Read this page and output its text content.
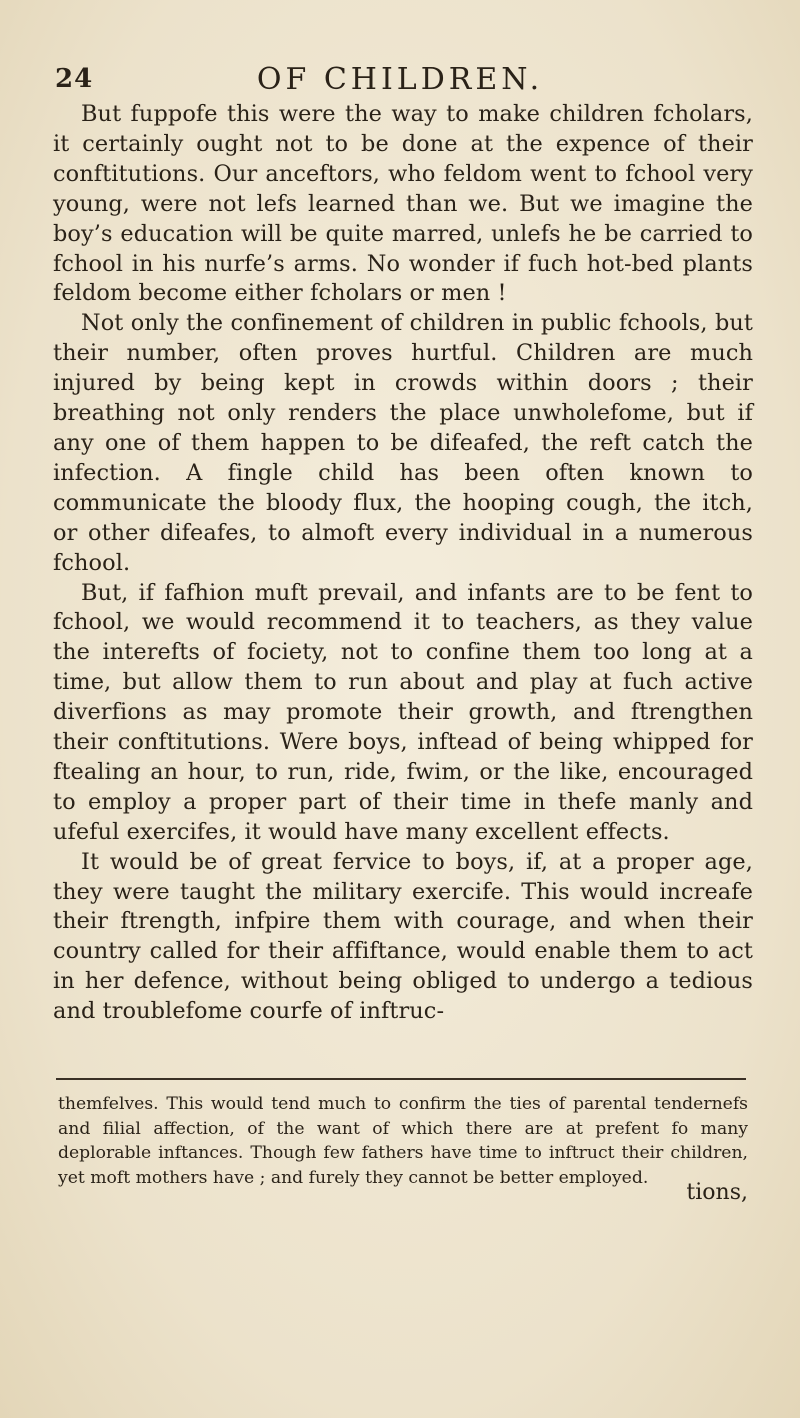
24	OF CHILDREN.

But fuppofe this were the way to make children fcholars, it certainly ought not to be done at the expence of their conftitutions. Our anceftors, who feldom went to fchool very young, were not lefs learned than we. But we imagine the boy’s education will be quite marred, unlefs he be carried to fchool in his nurfe’s arms. No wonder if fuch hot-bed plants feldom become either fcholars or men !

Not only the confinement of children in public fchools, but their number, often proves hurtful. Children are much injured by being kept in crowds within doors ; their breathing not only renders the place unwholefome, but if any one of them happen to be difeafed, the reft catch the infection. A fingle child has been often known to communicate the bloody flux, the hooping cough, the itch, or other difeafes, to almoft every individual in a numerous fchool.

But, if fafhion muft prevail, and infants are to be fent to fchool, we would recommend it to teachers, as they value the interefts of fociety, not to confine them too long at a time, but allow them to run about and play at fuch active diverfions as may promote their growth, and ftrengthen their conftitutions. Were boys, inftead of being whipped for ftealing an hour, to run, ride, fwim, or the like, encouraged to employ a proper part of their time in thefe manly and ufeful exercifes, it would have many excellent effects.

It would be of great fervice to boys, if, at a proper age, they were taught the military exercife. This would increafe their ftrength, infpire them with courage, and when their country called for their affiftance, would enable them to act in her defence, without being obliged to undergo a tedious and troublefome courfe of inftruc-

themfelves. This would tend much to confirm the ties of parental tendernefs and filial affection, of the want of which there are at prefent fo many deplorable inftances. Though few fathers have time to inftruct their children, yet moft mothers have ; and furely they cannot be better employed.
tions,
